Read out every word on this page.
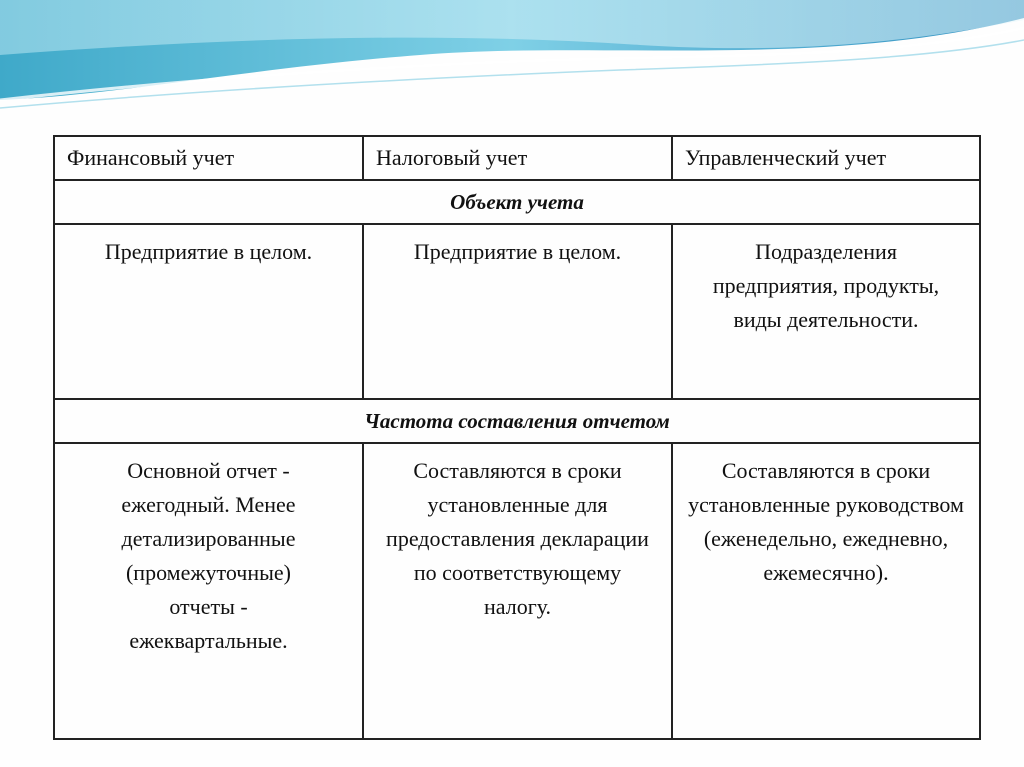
Финансовый учет	Налоговый учет	Управленческий учет
Объект учета		
Предприятие в целом.	Предприятие в целом.	Подразделения предприятия, продукты, виды деятельности.
Частота составления отчетом		
Основной отчет - ежегодный. Менее детализированные (промежуточные) отчеты - ежеквартальные.	Составляются в сроки установленные для предоставления декларации по соответствующему налогу.	Составляются в сроки установленные руководством (еженедельно, ежедневно, ежемесячно).
